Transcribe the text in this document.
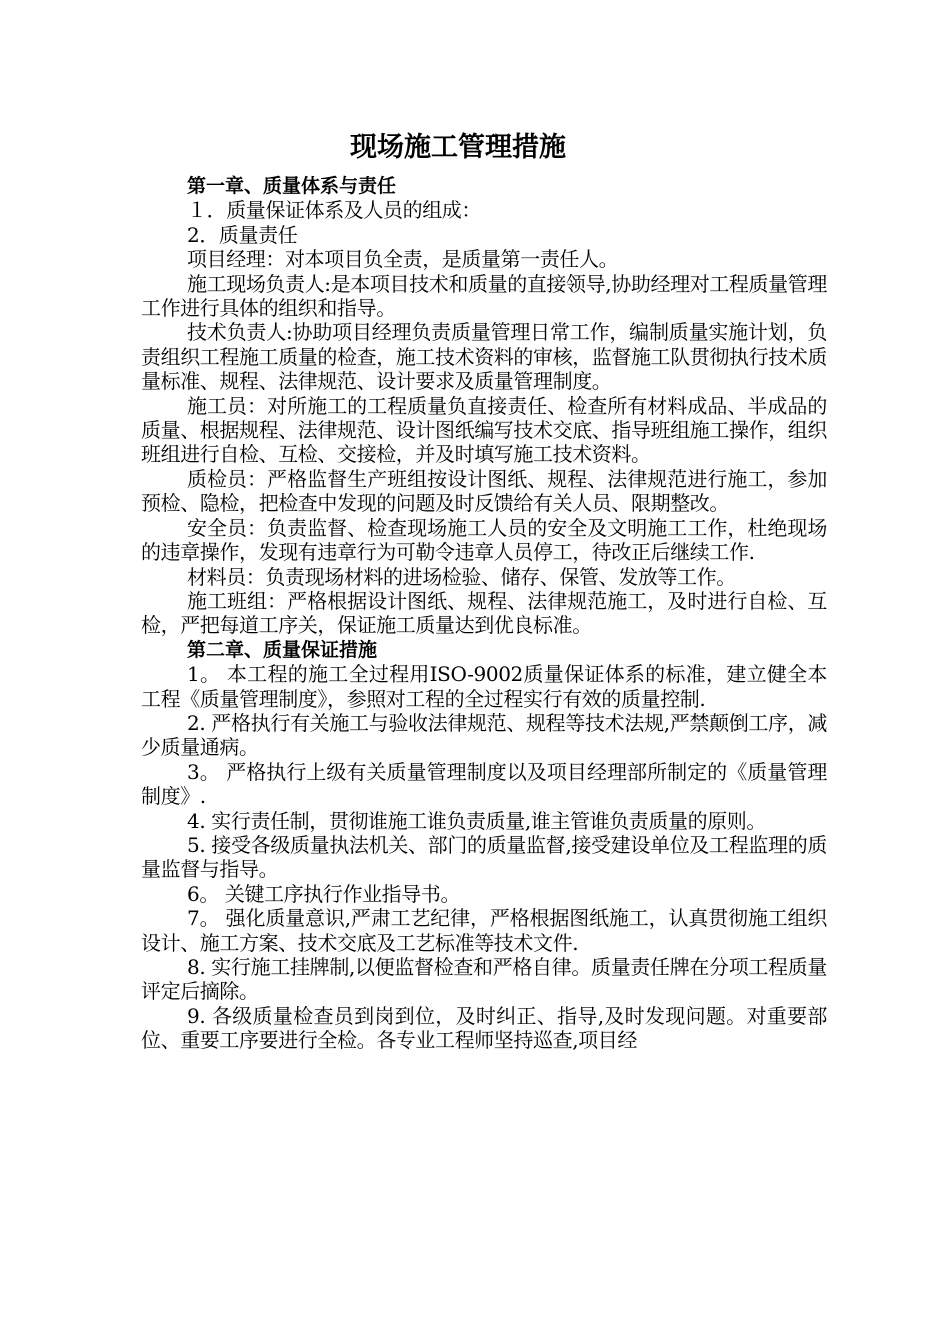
现场施工管理措施

第一章、质量体系与责任

１．质量保证体系及人员的组成：

2．质量责任

项目经理：对本项目负全责，是质量第一责任人。

施工现场负责人:是本项目技术和质量的直接领导,协助经理对工程质量管理工作进行具体的组织和指导。

技术负责人:协助项目经理负责质量管理日常工作，编制质量实施计划，负责组织工程施工质量的检查，施工技术资料的审核，监督施工队贯彻执行技术质量标准、规程、法律规范、设计要求及质量管理制度。

施工员：对所施工的工程质量负直接责任、检查所有材料成品、半成品的质量、根据规程、法律规范、设计图纸编写技术交底、指导班组施工操作，组织班组进行自检、互检、交接检，并及时填写施工技术资料。

质检员：严格监督生产班组按设计图纸、规程、法律规范进行施工，参加预检、隐检，把检查中发现的问题及时反馈给有关人员、限期整改。

安全员：负责监督、检查现场施工人员的安全及文明施工工作，杜绝现场的违章操作，发现有违章行为可勒令违章人员停工，待改正后继续工作.

材料员：负责现场材料的进场检验、储存、保管、发放等工作。

施工班组：严格根据设计图纸、规程、法律规范施工，及时进行自检、互检，严把每道工序关，保证施工质量达到优良标准。

第二章、质量保证措施

1。 本工程的施工全过程用ISO-9002质量保证体系的标准，建立健全本工程《质量管理制度》，参照对工程的全过程实行有效的质量控制.

2. 严格执行有关施工与验收法律规范、规程等技术法规,严禁颠倒工序，减少质量通病。

3。 严格执行上级有关质量管理制度以及项目经理部所制定的《质量管理制度》.

4. 实行责任制，贯彻谁施工谁负责质量,谁主管谁负责质量的原则。

5. 接受各级质量执法机关、部门的质量监督,接受建设单位及工程监理的质量监督与指导。

6。 关键工序执行作业指导书。

7。 强化质量意识,严肃工艺纪律，严格根据图纸施工，认真贯彻施工组织设计、施工方案、技术交底及工艺标准等技术文件.

8. 实行施工挂牌制,以便监督检查和严格自律。质量责任牌在分项工程质量评定后摘除。

9. 各级质量检查员到岗到位，及时纠正、指导,及时发现问题。对重要部位、重要工序要进行全检。各专业工程师坚持巡查,项目经
